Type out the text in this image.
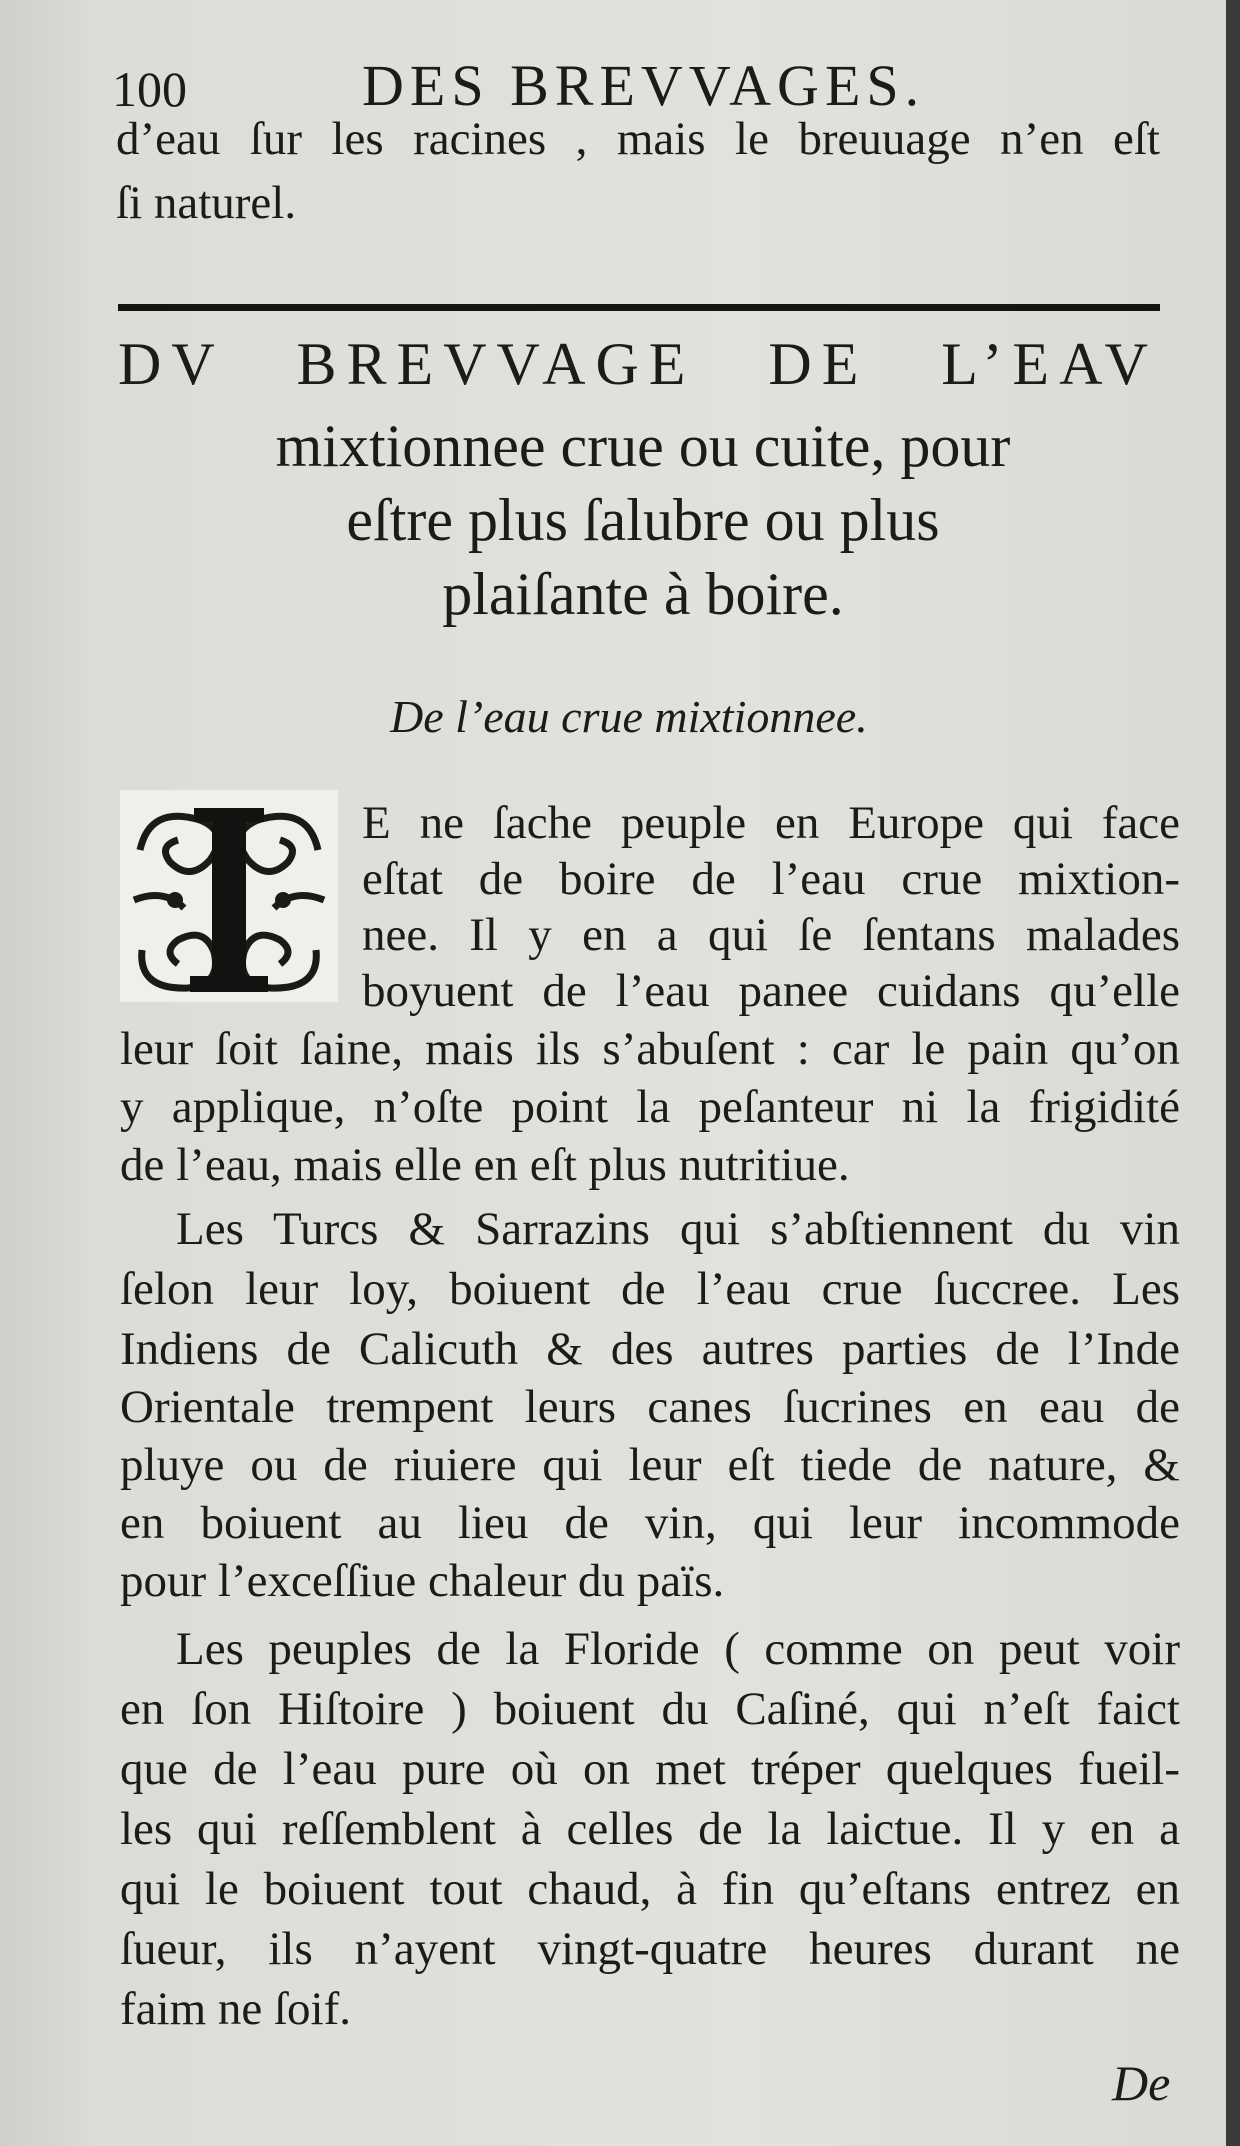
100	DES BREVVAGES.
d’eau ſur les racines , mais le breuuage n’en eſt
ſi naturel.
DV BREVVAGE DE L’EAV
mixtionnee crue ou cuite, pour
eſtre plus ſalubre ou plus
plaiſante à boire.
De l’eau crue mixtionnee.
E ne ſache peuple en Europe qui face
eſtat de boire de l’eau crue mixtion-
nee. Il y en a qui ſe ſentans malades
boyuent de l’eau panee cuidans qu’elle
leur ſoit ſaine, mais ils s’abuſent : car le pain qu’on
y applique, n’oſte point la peſanteur ni la frigidité
de l’eau, mais elle en eſt plus nutritiue.
Les Turcs & Sarrazins qui s’abſtiennent du vin
ſelon leur loy, boiuent de l’eau crue ſuccree. Les
Indiens de Calicuth & des autres parties de l’Inde
Orientale trempent leurs canes ſucrines en eau de
pluye ou de riuiere qui leur eſt tiede de nature, &
en boiuent au lieu de vin, qui leur incommode
pour l’exceſſiue chaleur du païs.
Les peuples de la Floride ( comme on peut voir
en ſon Hiſtoire ) boiuent du Caſiné, qui n’eſt faict
que de l’eau pure où on met tréper quelques fueil-
les qui reſſemblent à celles de la laictue. Il y en a
qui le boiuent tout chaud, à fin qu’eſtans entrez en
ſueur, ils n’ayent vingt-quatre heures durant ne
faim ne ſoif.
De
